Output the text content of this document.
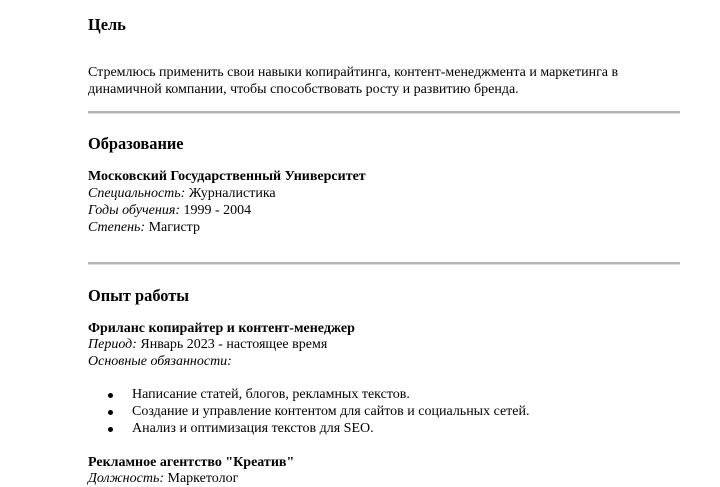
Цель

Стремлюсь применить свои навыки копирайтинга, контент-менеджмента и маркетинга в

динамичной компании, чтобы способствовать росту и развитию бренда.

Образование
Московский Государственный Университет
Специальность: Журналистика
Годы обучения: 1999 - 2004
Степень: Магистр
Опыт работы
Фриланс копирайтер и контент-менеджер
Период: Январь 2023 - настоящее время
Основные обязанности:
Написание статей, блогов, рекламных текстов.
Создание и управление контентом для сайтов и социальных сетей.
Анализ и оптимизация текстов для SEO.
Рекламное агентство "Креатив"
Должность: Маркетолог
